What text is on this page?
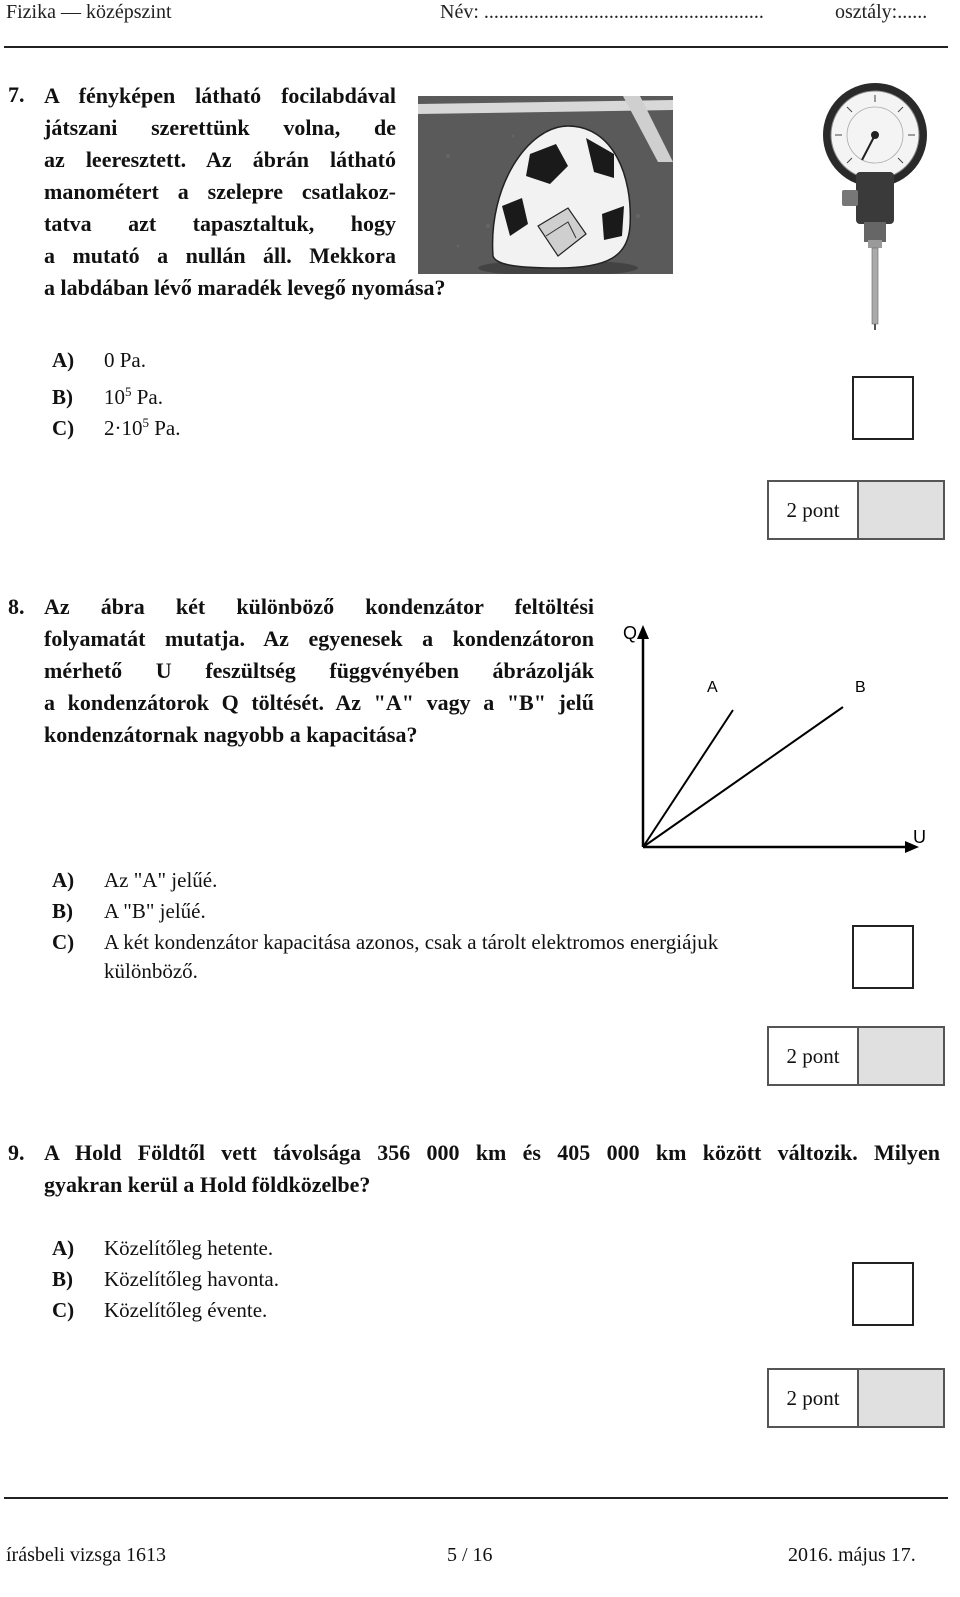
Fizika — középszint	Név: ........................................................	osztály:......
7. A fényképen látható focilabdával
játszani szerettünk volna, de
az leeresztett. Az ábrán látható
manométert a szelepre csatlakoz-
tatva azt tapasztaltuk, hogy
a mutató a nullán áll. Mekkora
a labdában lévő maradék levegő nyomása?
A) 0 Pa.
B) $10^5$ Pa.
C) $2\cdot 10^5$ Pa.
2 pont
8. Az ábra két különböző kondenzátor feltöltési
folyamatát mutatja. Az egyenesek a kondenzátoron
mérhető U feszültség függvényében ábrázolják
a kondenzátorok Q töltését. Az "A" vagy a "B" jelű
kondenzátornak nagyobb a kapacitása?
Q
U
A	B
A) Az "A" jelűé.
B) A "B" jelűé.
C) A két kondenzátor kapacitása azonos, csak a tárolt elektromos energiájuk
különböző.
2 pont
9. A Hold Földtől vett távolsága 356 000 km és 405 000 km között változik. Milyen
gyakran kerül a Hold földközelbe?
A) Közelítőleg hetente.
B) Közelítőleg havonta.
C) Közelítőleg évente.
2 pont
írásbeli vizsga 1613	5 / 16	2016. május 17.
